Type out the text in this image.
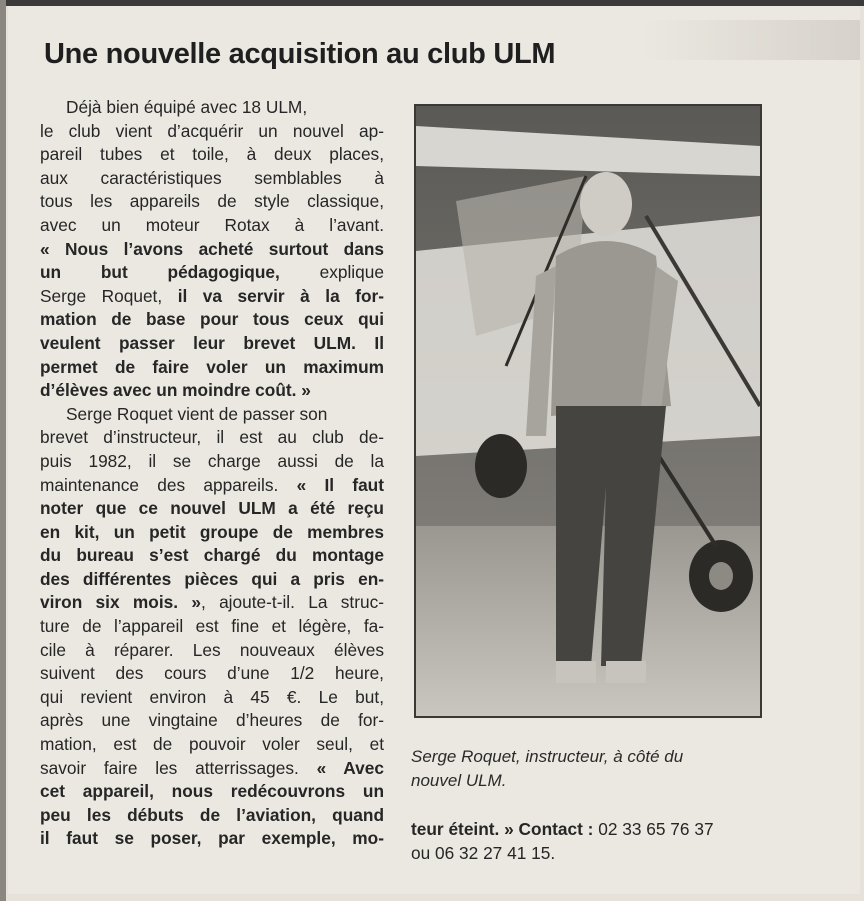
Une nouvelle acquisition au club ULM
Déjà bien équipé avec 18 ULM,
le club vient d’acquérir un nouvel ap-
pareil tubes et toile, à deux places,
aux caractéristiques semblables à
tous les appareils de style classique,
avec un moteur Rotax à l’avant.
« Nous l’avons acheté surtout dans
un but pédagogique, explique
Serge Roquet, il va servir à la for-
mation de base pour tous ceux qui
veulent passer leur brevet ULM. Il
permet de faire voler un maximum
d’élèves avec un moindre coût. »
Serge Roquet vient de passer son
brevet d’instructeur, il est au club de-
puis 1982, il se charge aussi de la
maintenance des appareils. « Il faut
noter que ce nouvel ULM a été reçu
en kit, un petit groupe de membres
du bureau s’est chargé du montage
des différentes pièces qui a pris en-
viron six mois. », ajoute-t-il. La struc-
ture de l’appareil est fine et légère, fa-
cile à réparer. Les nouveaux élèves
suivent des cours d’une 1/2 heure,
qui revient environ à 45 €. Le but,
après une vingtaine d’heures de for-
mation, est de pouvoir voler seul, et
savoir faire les atterrissages. « Avec
cet appareil, nous redécouvrons un
peu les débuts de l’aviation, quand
il faut se poser, par exemple, mo-
Serge Roquet, instructeur, à côté du
nouvel ULM.
teur éteint. » Contact : 02 33 65 76 37
ou 06 32 27 41 15.
